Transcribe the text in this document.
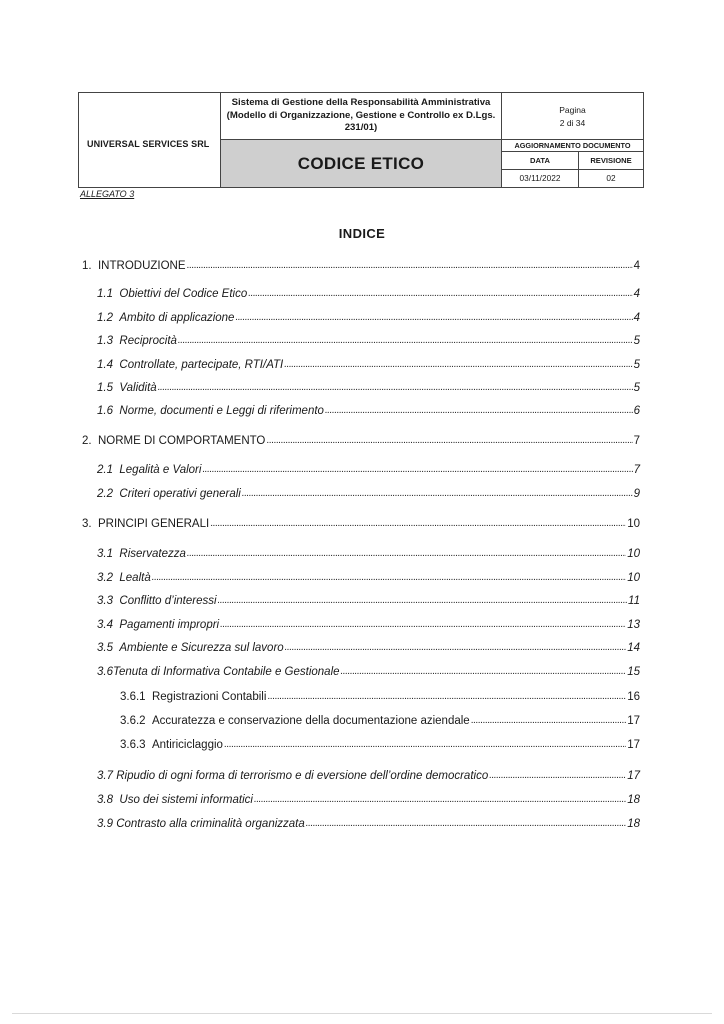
UNIVERSAL SERVICES SRL
Sistema di Gestione della Responsabilità Amministrativa
(Modello di Organizzazione, Gestione e Controllo ex D.Lgs.
231/01)
CODICE ETICO
Pagina
2 di 34
AGGIORNAMENTO DOCUMENTO
DATA	REVISIONE
03/11/2022	02
ALLEGATO 3
INDICE
1.
INTRODUZIONE . . .	4
1.1
Obiettivi del Codice Etico . . .	4
1.2
Ambito di applicazione . . .	4
1.3
Reciprocità . . .	5
1.4
Controllate, partecipate, RTI/ATI . . .	5
1.5
Validità . . .	5
1.6
Norme, documenti e Leggi di riferimento . . .	6
2.
NORME DI COMPORTAMENTO . . .	7
2.1
Legalità e Valori . . .	7
2.2
Criteri operativi generali . . .	9
3.
PRINCIPI GENERALI . . .	10
3.1
Riservatezza . . .	10
3.2
Lealtà . . .	10
3.3
Conflitto d’interessi . . .	11
3.4
Pagamenti impropri . . .	13
3.5
Ambiente e Sicurezza sul lavoro . . .	14
3.6 Tenuta di Informativa Contabile e Gestionale . . .	15
3.6.1
Registrazioni Contabili . . .	16
3.6.2
Accuratezza e conservazione della documentazione aziendale . . .	17
3.6.3
Antiriciclaggio . . .	17
3.7
Ripudio di ogni forma di terrorismo e di eversione dell’ordine democratico . . .	17
3.8
Uso dei sistemi informatici . . .	18
3.9
Contrasto alla criminalità organizzata . . .	18
